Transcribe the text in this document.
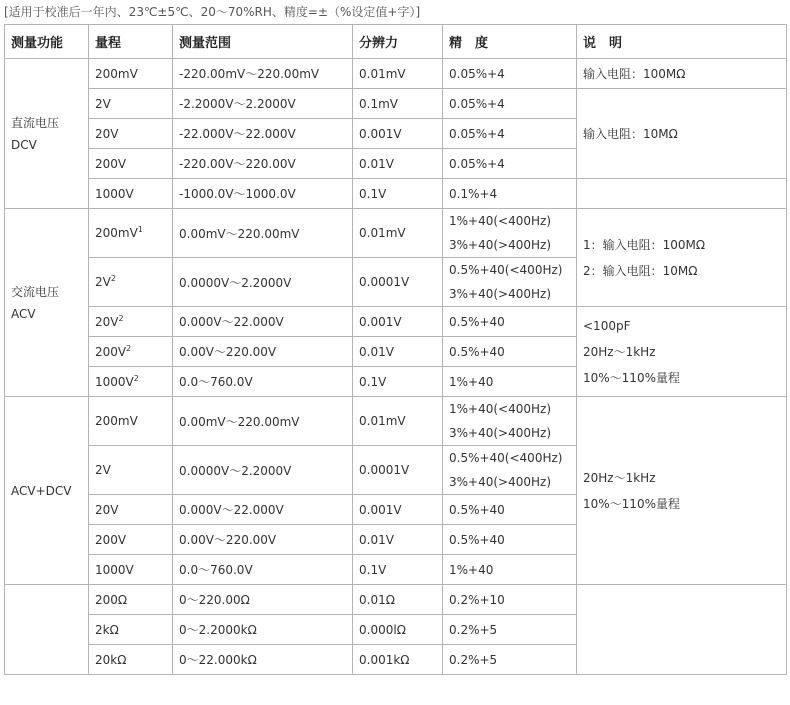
[适用于校准后一年内、23℃±5℃、20～70%RH、精度=±（%设定值+字）]
测量功能	量程	测量范围	分辨力	精　度	说　明

直流电压
DCV	200mV	-220.00mV～220.00mV	0.01mV	0.05%+4	输入电阻：100MΩ
	2V	-2.2000V～2.2000V	0.1mV	0.05%+4	输入电阻：10MΩ
	20V	-22.000V～22.000V	0.001V	0.05%+4	
	200V	-220.00V～220.00V	0.01V	0.05%+4	
	1000V	-1000.0V～1000.0V	0.1V	0.1%+4	

交流电压
ACV	$200mV^1$	0.00mV～220.00mV	0.01mV	1%+40(<400Hz)
3%+40(>400Hz)	1：输入电阻：100MΩ
2：输入电阻：10MΩ

	$2V^2$	0.0000V～2.2000V	0.0001V	0.5%+40(<400Hz)
3%+40(>400Hz)	

	$20V^2$	0.000V～22.000V	0.001V	0.5%+40	<100pF
20Hz～1kHz
10%～110%量程

	$200V^2$	0.00V～220.00V	0.01V	0.5%+40	
	$1000V^2$	0.0～760.0V	0.1V	1%+40	
ACV+DCV	200mV	0.00mV～220.00mV	0.01mV	1%+40(<400Hz)
3%+40(>400Hz)	20Hz～1kHz
10%～110%量程

	2V	0.0000V～2.2000V	0.0001V	0.5%+40(<400Hz)
3%+40(>400Hz)	

	20V	0.000V～22.000V	0.001V	0.5%+40	
	200V	0.00V～220.00V	0.01V	0.5%+40	
	1000V	0.0～760.0V	0.1V	1%+40	
	200Ω	0～220.00Ω	0.01Ω	0.2%+10	
	2kΩ	0～2.2000kΩ	0.000lΩ	0.2%+5	
	20kΩ	0～22.000kΩ	0.001kΩ	0.2%+5	
